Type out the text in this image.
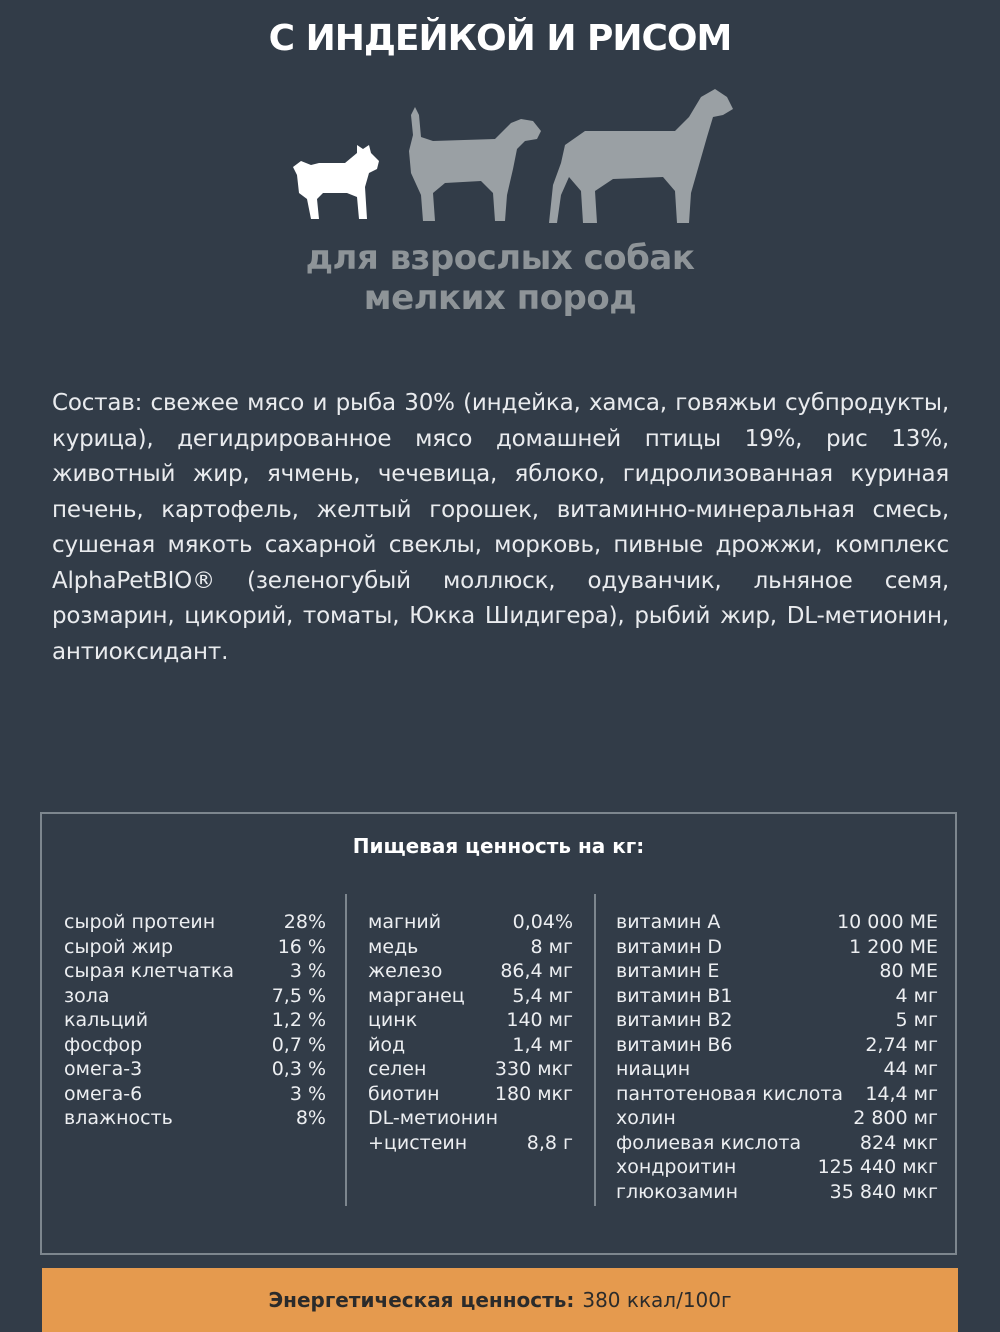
С ИНДЕЙКОЙ И РИСОМ
для взрослых собак
мелких пород
Состав: свежее мясо и рыба 30% (индейка, хамса, говяжьи субпродукты, курица), дегидрированное мясо домашней птицы 19%, рис 13%, животный жир, ячмень, чечевица, яблоко, гидролизованная куриная печень, картофель, желтый горошек, витаминно-минеральная смесь, сушеная мякоть сахарной свеклы, морковь, пивные дрожжи, комплекс AlphaPetBIO® (зеленогубый моллюск, одуванчик, льняное семя, розмарин, цикорий, томаты, Юкка Шидигера), рыбий жир, DL-метионин, антиоксидант.
Пищевая ценность на кг:
сырой протеин	28%
сырой жир	16 %
сырая клетчатка	3 %
зола	7,5 %
кальций	1,2 %
фосфор	0,7 %
омега-3	0,3 %
омега-6	3 %
влажность	8%
магний	0,04%
медь	8 мг
железо	86,4 мг
марганец	5,4 мг
цинк	140 мг
йод	1,4 мг
селен	330 мкг
биотин	180 мкг
DL-метионин
+цистеин	8,8 г
витамин А	10 000 МЕ
витамин D	1 200 МЕ
витамин Е	80 МЕ
витамин В1	4 мг
витамин В2	5 мг
витамин В6	2,74 мг
ниацин	44 мг
пантотеновая кислота 14,4 мг
холин	2 800 мг
фолиевая кислота	824 мкг
хондроитин	125 440 мкг
глюкозамин	35 840 мкг
Энергетическая ценность: 380 ккал/100г
